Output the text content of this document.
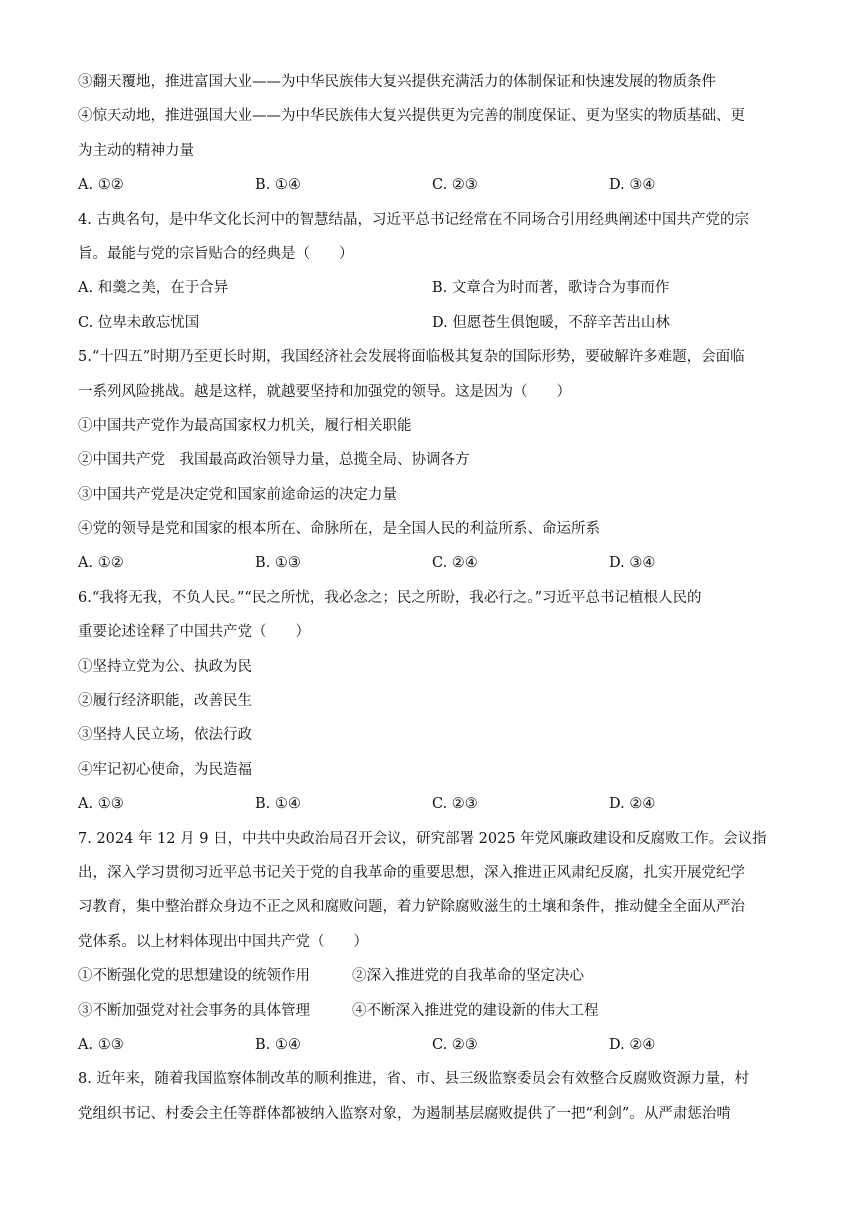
③翻天覆地，推进富国大业——为中华民族伟大复兴提供充满活力的体制保证和快速发展的物质条件
④惊天动地，推进强国大业——为中华民族伟大复兴提供更为完善的制度保证、更为坚实的物质基础、更
为主动的精神力量
A. ①②	B. ①④	C. ②③	D. ③④
4. 古典名句，是中华文化长河中的智慧结晶，习近平总书记经常在不同场合引用经典阐述中国共产党的宗
旨。最能与党的宗旨贴合的经典是（　　）
A. 和羹之美，在于合异	B. 文章合为时而著，歌诗合为事而作
C. 位卑未敢忘忧国	D. 但愿苍生俱饱暖，不辞辛苦出山林
5.“十四五”时期乃至更长时期，我国经济社会发展将面临极其复杂的国际形势，要破解许多难题，会面临
一系列风险挑战。越是这样，就越要坚持和加强党的领导。这是因为（　　）
①中国共产党作为最高国家权力机关，履行相关职能
②中国共产党　我国最高政治领导力量，总揽全局、协调各方
③中国共产党是决定党和国家前途命运的决定力量
④党的领导是党和国家的根本所在、命脉所在，是全国人民的利益所系、命运所系
A. ①②	B. ①③	C. ②④	D. ③④
6.“我将无我，不负人民。”“民之所忧，我必念之；民之所盼，我必行之。”习近平总书记植根人民的
重要论述诠释了中国共产党（　　）
①坚持立党为公、执政为民
②履行经济职能，改善民生
③坚持人民立场，依法行政
④牢记初心使命，为民造福
A. ①③	B. ①④	C. ②③	D. ②④
7. 2024 年 12 月 9 日，中共中央政治局召开会议，研究部署 2025 年党风廉政建设和反腐败工作。会议指
出，深入学习贯彻习近平总书记关于党的自我革命的重要思想，深入推进正风肃纪反腐，扎实开展党纪学
习教育，集中整治群众身边不正之风和腐败问题，着力铲除腐败滋生的土壤和条件，推动健全全面从严治
党体系。以上材料体现出中国共产党（　　）
①不断强化党的思想建设的统领作用	②深入推进党的自我革命的坚定决心
③不断加强党对社会事务的具体管理	④不断深入推进党的建设新的伟大工程
A. ①③	B. ①④	C. ②③	D. ②④
8. 近年来，随着我国监察体制改革的顺利推进，省、市、县三级监察委员会有效整合反腐败资源力量，村
党组织书记、村委会主任等群体都被纳入监察对象，为遏制基层腐败提供了一把“利剑”。从严肃惩治啃
